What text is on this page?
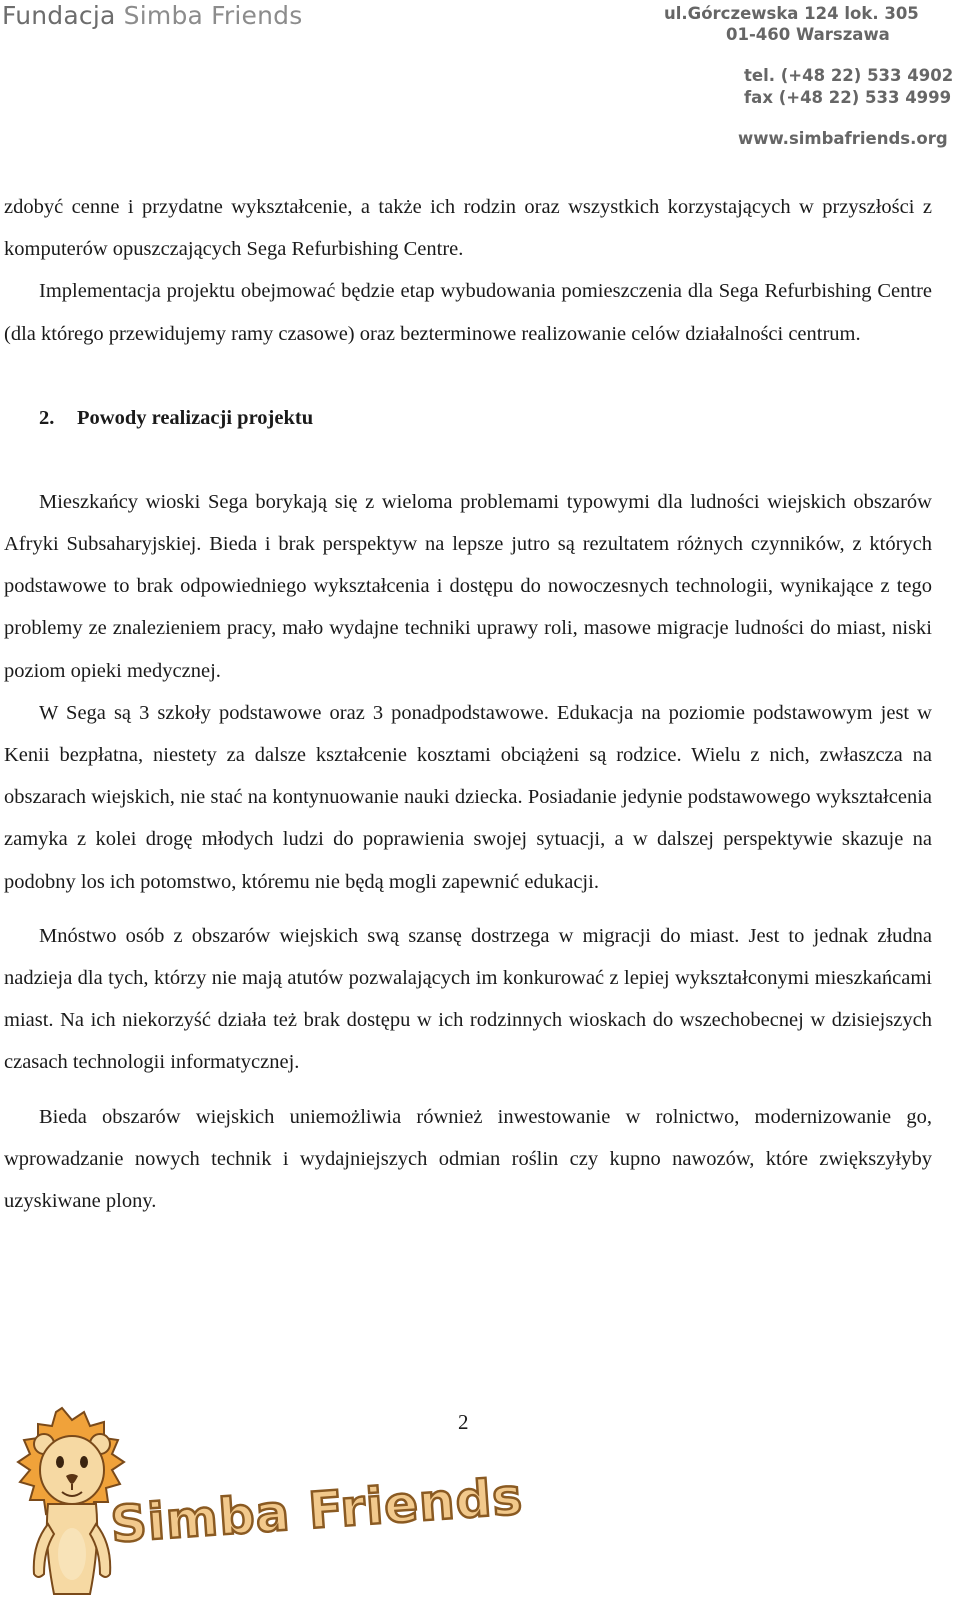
Fundacja Simba Friends	ul.Górczewska 124 lok. 305
01-460 Warszawa
tel. (+48 22) 533 4902
fax (+48 22) 533 4999
www.simbafriends.org

zdobyć cenne i przydatne wykształcenie, a także ich rodzin oraz wszystkich korzystających w przyszłości z komputerów opuszczających Sega Refurbishing Centre.

Implementacja projektu obejmować będzie etap wybudowania pomieszczenia dla Sega Refurbishing Centre (dla którego przewidujemy ramy czasowe) oraz bezterminowe realizowanie celów działalności centrum.

2. Powody realizacji projektu

Mieszkańcy wioski Sega borykają się z wieloma problemami typowymi dla ludności wiejskich obszarów Afryki Subsaharyjskiej. Bieda i brak perspektyw na lepsze jutro są rezultatem różnych czynników, z których podstawowe to brak odpowiedniego wykształcenia i dostępu do nowoczesnych technologii, wynikające z tego problemy ze znalezieniem pracy, mało wydajne techniki uprawy roli, masowe migracje ludności do miast, niski poziom opieki medycznej.

W Sega są 3 szkoły podstawowe oraz 3 ponadpodstawowe. Edukacja na poziomie podstawowym jest w Kenii bezpłatna, niestety za dalsze kształcenie kosztami obciążeni są rodzice. Wielu z nich, zwłaszcza na obszarach wiejskich, nie stać na kontynuowanie nauki dziecka. Posiadanie jedynie podstawowego wykształcenia zamyka z kolei drogę młodych ludzi do poprawienia swojej sytuacji, a w dalszej perspektywie skazuje na podobny los ich potomstwo, któremu nie będą mogli zapewnić edukacji.

Mnóstwo osób z obszarów wiejskich swą szansę dostrzega w migracji do miast. Jest to jednak złudna nadzieja dla tych, którzy nie mają atutów pozwalających im konkurować z lepiej wykształconymi mieszkańcami miast. Na ich niekorzyść działa też brak dostępu w ich rodzinnych wioskach do wszechobecnej w dzisiejszych czasach technologii informatycznej.

Bieda obszarów wiejskich uniemożliwia również inwestowanie w rolnictwo, modernizowanie go, wprowadzanie nowych technik i wydajniejszych odmian roślin czy kupno nawozów, które zwiększyłyby uzyskiwane plony.

2
Simba Friends
